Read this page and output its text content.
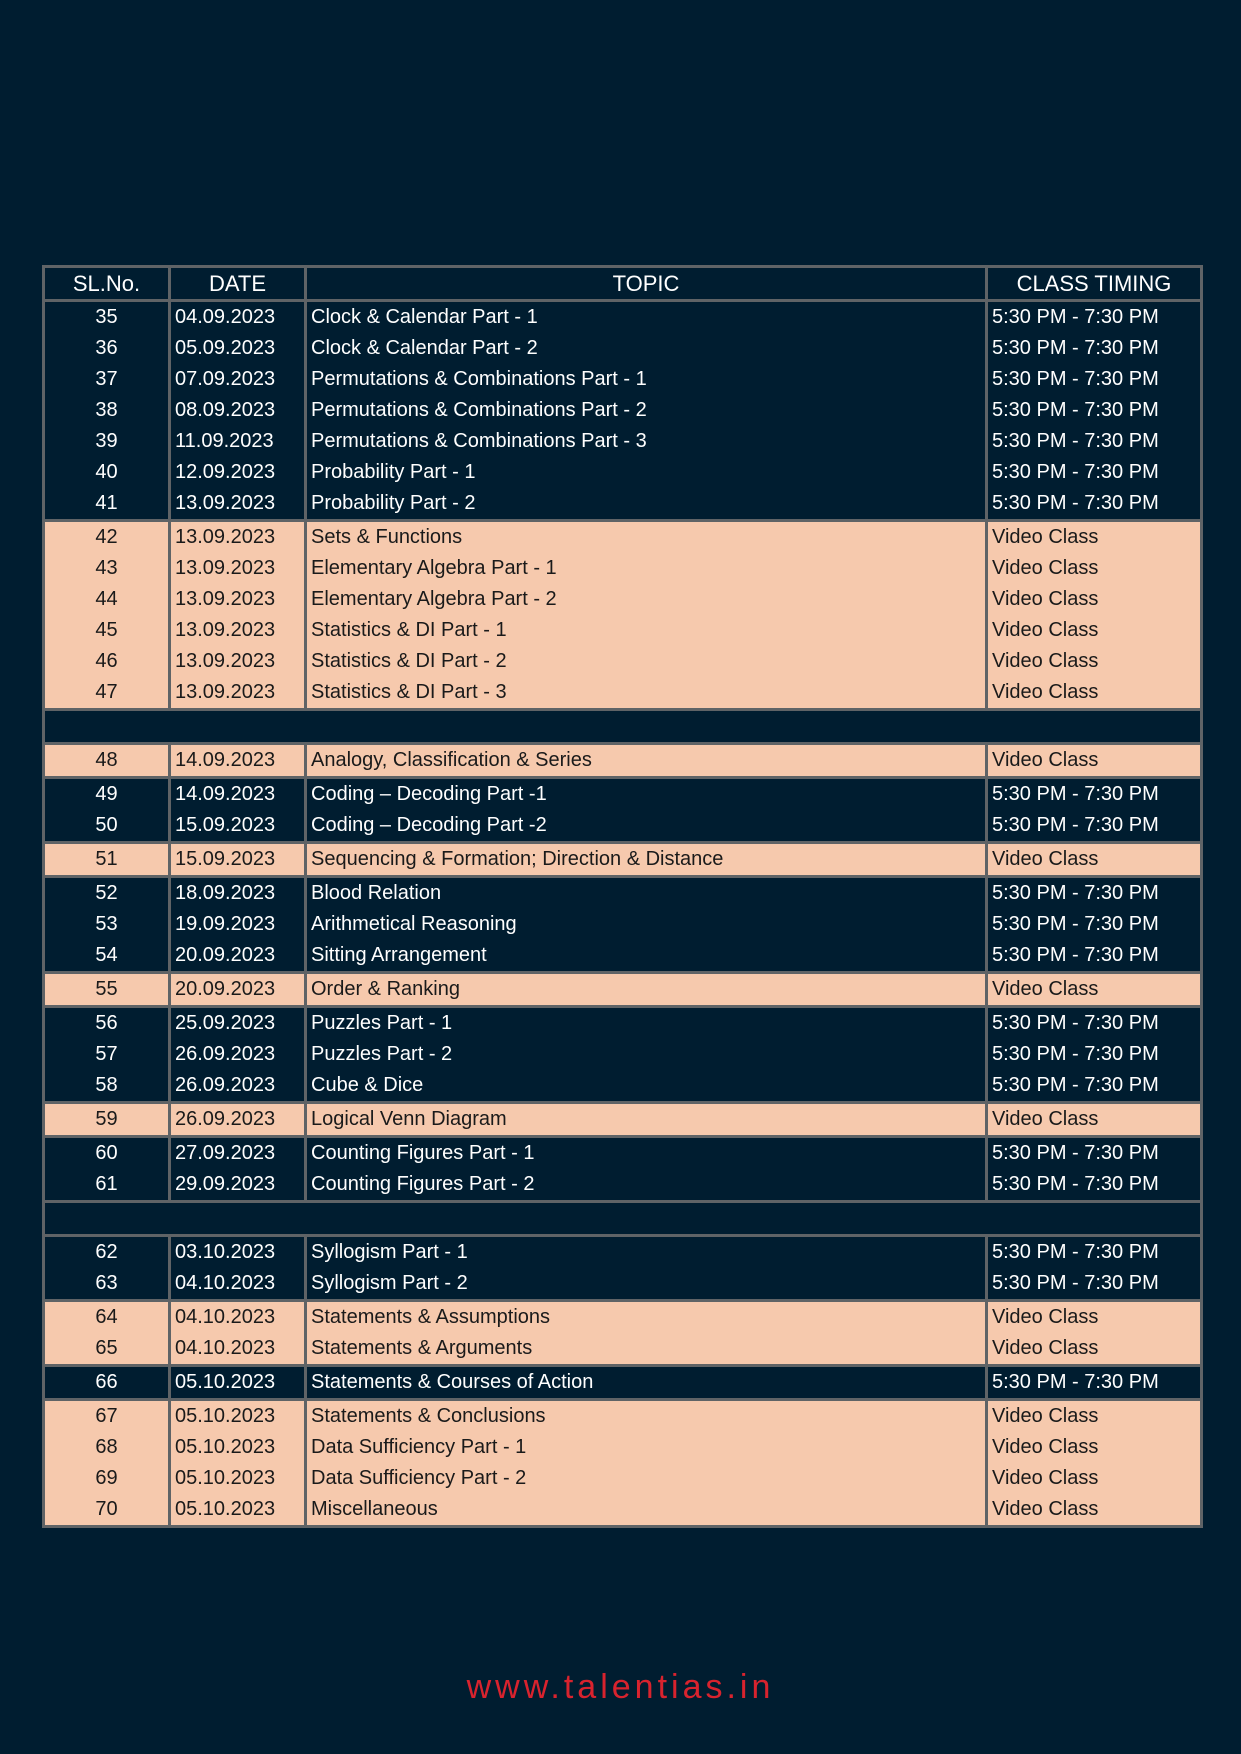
SL.No.	DATE	TOPIC	CLASS TIMING
35	04.09.2023	Clock & Calendar Part - 1	5:30 PM - 7:30 PM
36	05.09.2023	Clock & Calendar Part - 2	5:30 PM - 7:30 PM
37	07.09.2023	Permutations & Combinations Part - 1	5:30 PM - 7:30 PM
38	08.09.2023	Permutations & Combinations Part - 2	5:30 PM - 7:30 PM
39	11.09.2023	Permutations & Combinations Part - 3	5:30 PM - 7:30 PM
40	12.09.2023	Probability Part - 1	5:30 PM - 7:30 PM
41	13.09.2023	Probability Part - 2	5:30 PM - 7:30 PM
42	13.09.2023	Sets & Functions	Video Class
43	13.09.2023	Elementary Algebra Part - 1	Video Class
44	13.09.2023	Elementary Algebra Part - 2	Video Class
45	13.09.2023	Statistics & DI Part - 1	Video Class
46	13.09.2023	Statistics & DI Part - 2	Video Class
47	13.09.2023	Statistics & DI Part - 3	Video Class

48	14.09.2023	Analogy, Classification & Series	Video Class
49	14.09.2023	Coding – Decoding Part -1	5:30 PM - 7:30 PM
50	15.09.2023	Coding – Decoding Part -2	5:30 PM - 7:30 PM
51	15.09.2023	Sequencing & Formation; Direction & Distance	Video Class
52	18.09.2023	Blood Relation	5:30 PM - 7:30 PM
53	19.09.2023	Arithmetical Reasoning	5:30 PM - 7:30 PM
54	20.09.2023	Sitting Arrangement	5:30 PM - 7:30 PM
55	20.09.2023	Order & Ranking	Video Class
56	25.09.2023	Puzzles Part - 1	5:30 PM - 7:30 PM
57	26.09.2023	Puzzles Part - 2	5:30 PM - 7:30 PM
58	26.09.2023	Cube & Dice	5:30 PM - 7:30 PM
59	26.09.2023	Logical Venn Diagram	Video Class
60	27.09.2023	Counting Figures Part - 1	5:30 PM - 7:30 PM
61	29.09.2023	Counting Figures Part - 2	5:30 PM - 7:30 PM

62	03.10.2023	Syllogism Part - 1	5:30 PM - 7:30 PM
63	04.10.2023	Syllogism Part - 2	5:30 PM - 7:30 PM
64	04.10.2023	Statements & Assumptions	Video Class
65	04.10.2023	Statements & Arguments	Video Class
66	05.10.2023	Statements & Courses of Action	5:30 PM - 7:30 PM
67	05.10.2023	Statements & Conclusions	Video Class
68	05.10.2023	Data Sufficiency Part - 1	Video Class
69	05.10.2023	Data Sufficiency Part - 2	Video Class
70	05.10.2023	Miscellaneous	Video Class
www.talentias.in
